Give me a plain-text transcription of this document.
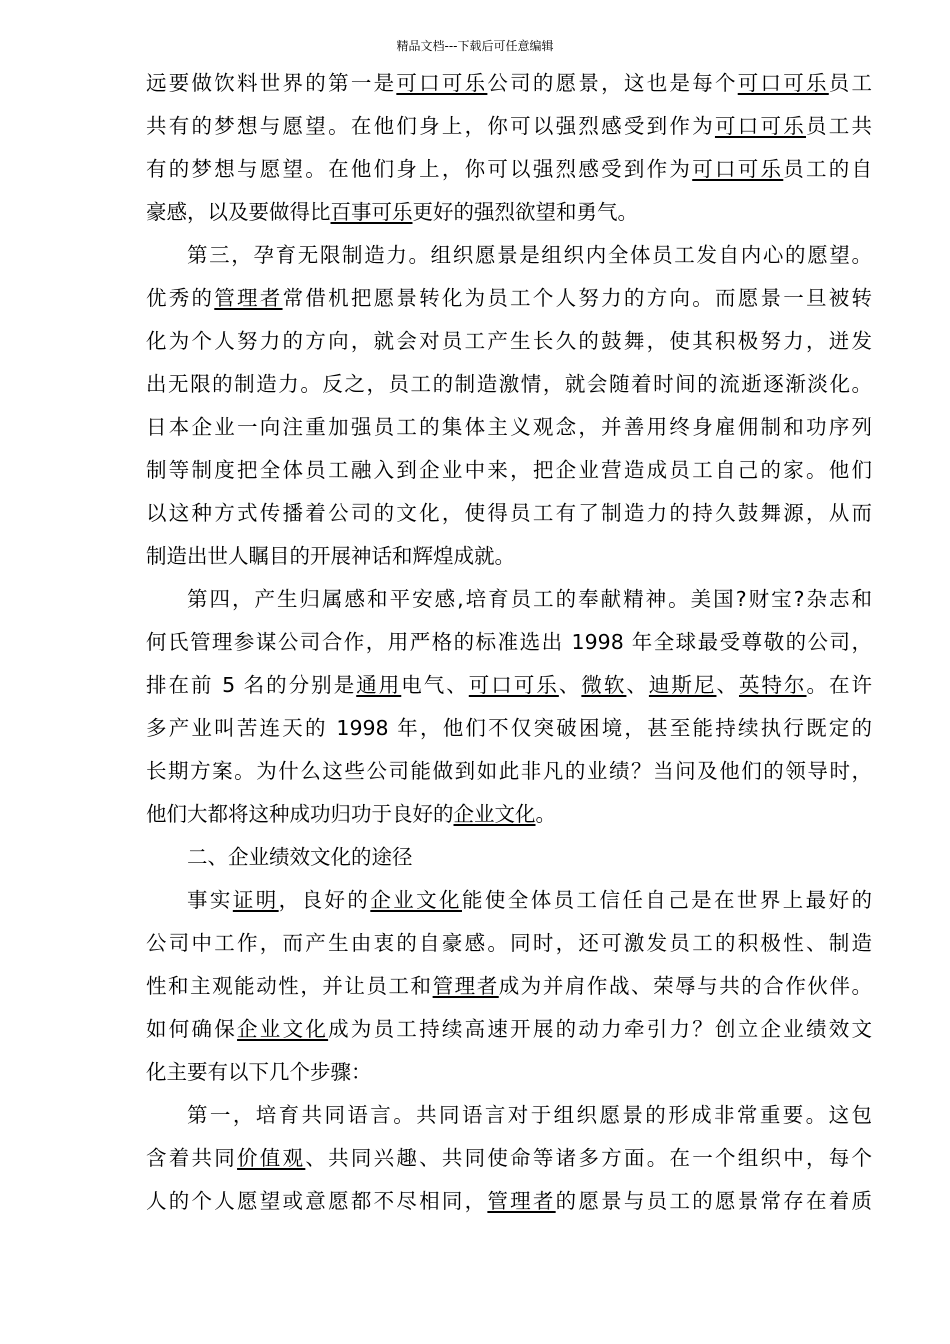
精品文档---下载后可任意编辑
远要做饮料世界的第一是可口可乐公司的愿景，这也是每个可口可乐员工
共有的梦想与愿望。在他们身上，你可以强烈感受到作为可口可乐员工共
有的梦想与愿望。在他们身上，你可以强烈感受到作为可口可乐员工的自
豪感，以及要做得比百事可乐更好的强烈欲望和勇气。
第三，孕育无限制造力。组织愿景是组织内全体员工发自内心的愿望。
优秀的管理者常借机把愿景转化为员工个人努力的方向。而愿景一旦被转
化为个人努力的方向，就会对员工产生长久的鼓舞，使其积极努力，迸发
出无限的制造力。反之，员工的制造激情，就会随着时间的流逝逐渐淡化。
日本企业一向注重加强员工的集体主义观念，并善用终身雇佣制和功序列
制等制度把全体员工融入到企业中来，把企业营造成员工自己的家。他们
以这种方式传播着公司的文化，使得员工有了制造力的持久鼓舞源，从而
制造出世人瞩目的开展神话和辉煌成就。
第四，产生归属感和平安感,培育员工的奉献精神。美国?财宝?杂志和
何氏管理参谋公司合作，用严格的标准选出 1998 年全球最受尊敬的公司，
排在前 5 名的分别是通用电气、可口可乐、微软、迪斯尼、英特尔。在许
多产业叫苦连天的 1998 年，他们不仅突破困境，甚至能持续执行既定的
长期方案。为什么这些公司能做到如此非凡的业绩？当问及他们的领导时，
他们大都将这种成功归功于良好的企业文化。
二、企业绩效文化的途径
事实证明，良好的企业文化能使全体员工信任自己是在世界上最好的
公司中工作，而产生由衷的自豪感。同时，还可激发员工的积极性、制造
性和主观能动性，并让员工和管理者成为并肩作战、荣辱与共的合作伙伴。
如何确保企业文化成为员工持续高速开展的动力牵引力？创立企业绩效文
化主要有以下几个步骤：
第一，培育共同语言。共同语言对于组织愿景的形成非常重要。这包
含着共同价值观、共同兴趣、共同使命等诸多方面。在一个组织中，每个
人的个人愿望或意愿都不尽相同，管理者的愿景与员工的愿景常存在着质
